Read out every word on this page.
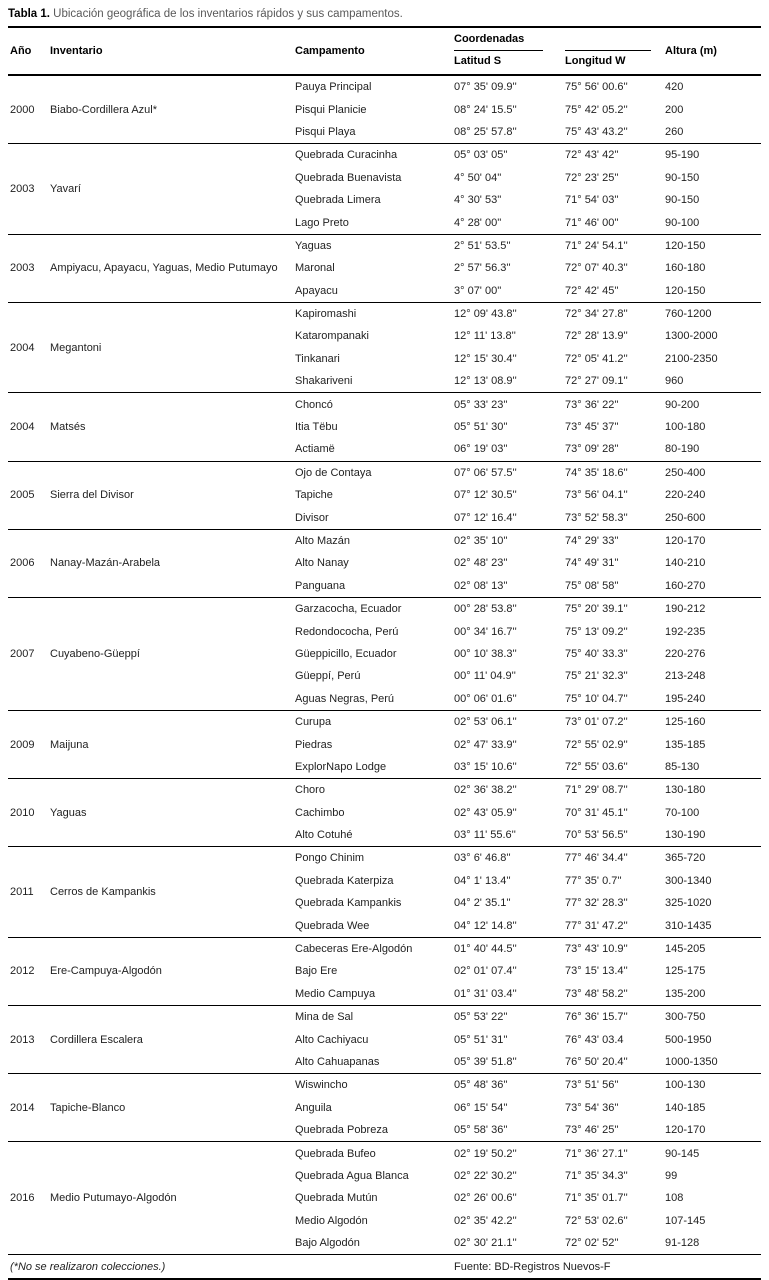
Tabla 1. Ubicación geográfica de los inventarios rápidos y sus campamentos.
Año	Inventario	Campamento	Coordenadas		Altura (m)

			Latitud S	Longitud W	

2000	Biabo-Cordillera Azul*	Pauya Principal	07° 35' 09.9''	75° 56' 00.6''	420
		Pisqui Planicie	08° 24' 15.5''	75° 42' 05.2''	200
		Pisqui Playa	08° 25' 57.8''	75° 43' 43.2''	260
2003	Yavarí	Quebrada Curacinha	05° 03' 05''	72° 43' 42''	95-190
		Quebrada Buenavista	4° 50' 04''	72° 23' 25''	90-150
		Quebrada Limera	4° 30' 53''	71° 54' 03''	90-150
		Lago Preto	4° 28' 00''	71° 46' 00''	90-100
2003	Ampiyacu, Apayacu, Yaguas, Medio Putumayo	Yaguas	2° 51' 53.5''	71° 24' 54.1''	120-150
		Maronal	2° 57' 56.3''	72° 07' 40.3''	160-180
		Apayacu	3° 07' 00''	72° 42' 45''	120-150
2004	Megantoni	Kapiromashi	12° 09' 43.8''	72° 34' 27.8''	760-1200
		Katarompanaki	12° 11' 13.8''	72° 28' 13.9''	1300-2000
		Tinkanari	12° 15' 30.4''	72° 05' 41.2''	2100-2350
		Shakariveni	12° 13' 08.9''	72° 27' 09.1''	960
2004	Matsés	Choncó	05° 33' 23''	73° 36' 22''	90-200
		Itia Tëbu	05° 51' 30''	73° 45' 37''	100-180
		Actiamë	06° 19' 03''	73° 09' 28''	80-190
2005	Sierra del Divisor	Ojo de Contaya	07° 06' 57.5''	74° 35' 18.6''	250-400
		Tapiche	07° 12' 30.5''	73° 56' 04.1''	220-240
		Divisor	07° 12' 16.4''	73° 52' 58.3''	250-600
2006	Nanay-Mazán-Arabela	Alto Mazán	02° 35' 10''	74° 29' 33''	120-170
		Alto Nanay	02° 48' 23''	74° 49' 31''	140-210
		Panguana	02° 08' 13''	75° 08' 58''	160-270
2007	Cuyabeno-Güeppí	Garzacocha, Ecuador	00° 28' 53.8''	75° 20' 39.1''	190-212
		Redondococha, Perú	00° 34' 16.7''	75° 13' 09.2''	192-235
		Güeppicillo, Ecuador	00° 10' 38.3''	75° 40' 33.3''	220-276
		Güeppí, Perú	00° 11' 04.9''	75° 21' 32.3''	213-248
		Aguas Negras, Perú	00° 06' 01.6''	75° 10' 04.7''	195-240
2009	Maijuna	Curupa	02° 53' 06.1''	73° 01' 07.2''	125-160
		Piedras	02° 47' 33.9''	72° 55' 02.9''	135-185
		ExplorNapo Lodge	03° 15' 10.6''	72° 55' 03.6''	85-130
2010	Yaguas	Choro	02° 36' 38.2''	71° 29' 08.7''	130-180
		Cachimbo	02° 43' 05.9''	70° 31' 45.1''	70-100
		Alto Cotuhé	03° 11' 55.6''	70° 53' 56.5''	130-190
2011	Cerros de Kampankis	Pongo Chinim	03° 6' 46.8''	77° 46' 34.4''	365-720
		Quebrada Katerpiza	04° 1' 13.4''	77° 35' 0.7''	300-1340
		Quebrada Kampankis	04° 2' 35.1''	77° 32' 28.3''	325-1020
		Quebrada Wee	04° 12' 14.8''	77° 31' 47.2''	310-1435
2012	Ere-Campuya-Algodón	Cabeceras Ere-Algodón	01° 40' 44.5''	73° 43' 10.9''	145-205
		Bajo Ere	02° 01' 07.4''	73° 15' 13.4''	125-175
		Medio Campuya	01° 31' 03.4''	73° 48' 58.2''	135-200
2013	Cordillera Escalera	Mina de Sal	05° 53' 22''	76° 36' 15.7''	300-750
		Alto Cachiyacu	05° 51' 31''	76° 43' 03.4	500-1950
		Alto Cahuapanas	05° 39' 51.8''	76° 50' 20.4''	1000-1350
2014	Tapiche-Blanco	Wiswincho	05° 48' 36''	73° 51' 56''	100-130
		Anguila	06° 15' 54''	73° 54' 36''	140-185
		Quebrada Pobreza	05° 58' 36''	73° 46' 25''	120-170
2016	Medio Putumayo-Algodón	Quebrada Bufeo	02° 19' 50.2''	71° 36' 27.1''	90-145
		Quebrada Agua Blanca	02° 22' 30.2''	71° 35' 34.3''	99
		Quebrada Mutún	02° 26' 00.6''	71° 35' 01.7''	108
		Medio Algodón	02° 35' 42.2''	72° 53' 02.6''	107-145
		Bajo Algodón	02° 30' 21.1''	72° 02' 52''	91-128
(*No se realizaron colecciones.)			Fuente: BD-Registros Nuevos-F		
